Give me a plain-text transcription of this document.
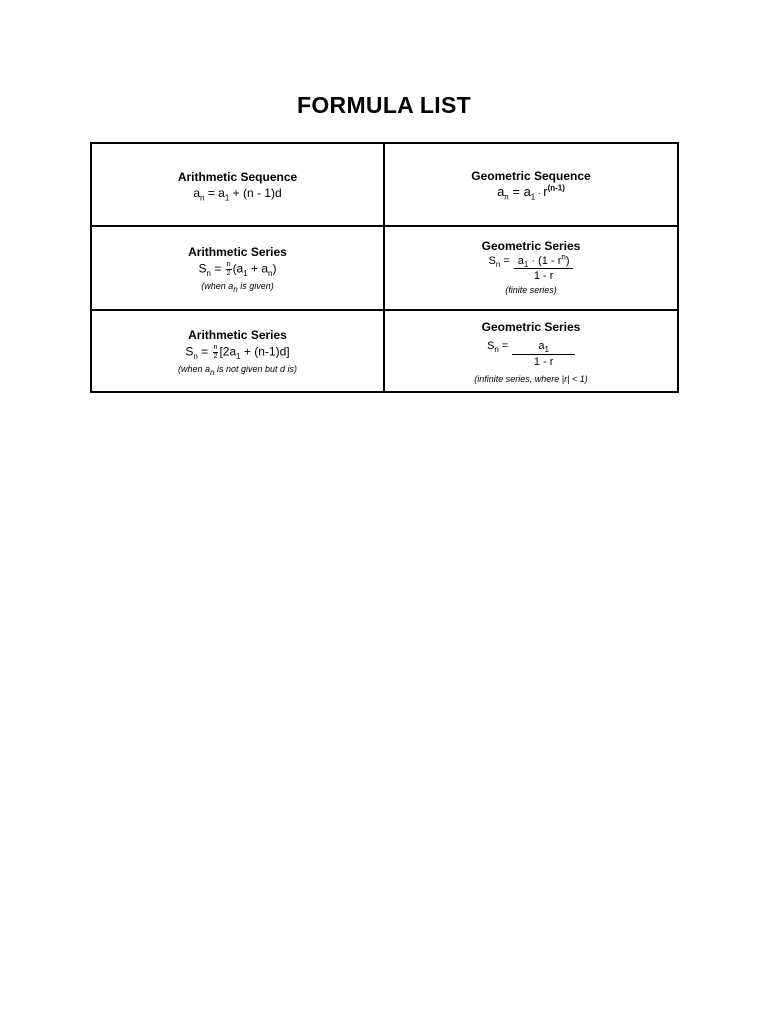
FORMULA LIST
Arithmetic Sequence
$a_n = a_1 + (n - 1)d$
Geometric Sequence
$a_n = a_1 \cdot r^{(n-1)}$
Arithmetic Series
$S_n = \frac{n}{2} (a_1 + a_n)$
(when $a_n$ is given)
Geometric Series
$S_n = \frac{a_1 \cdot (1 - r^n)}{1 - r}$
(finite series)
Arithmetic Series
$S_n = \frac{n}{2} [2a_1 + (n-1)d]$
(when $a_n$ is not given but d is)
Geometric Series
$S_n = \frac{a_1}{1 - r}$
(infinite series, where |r| < 1)
